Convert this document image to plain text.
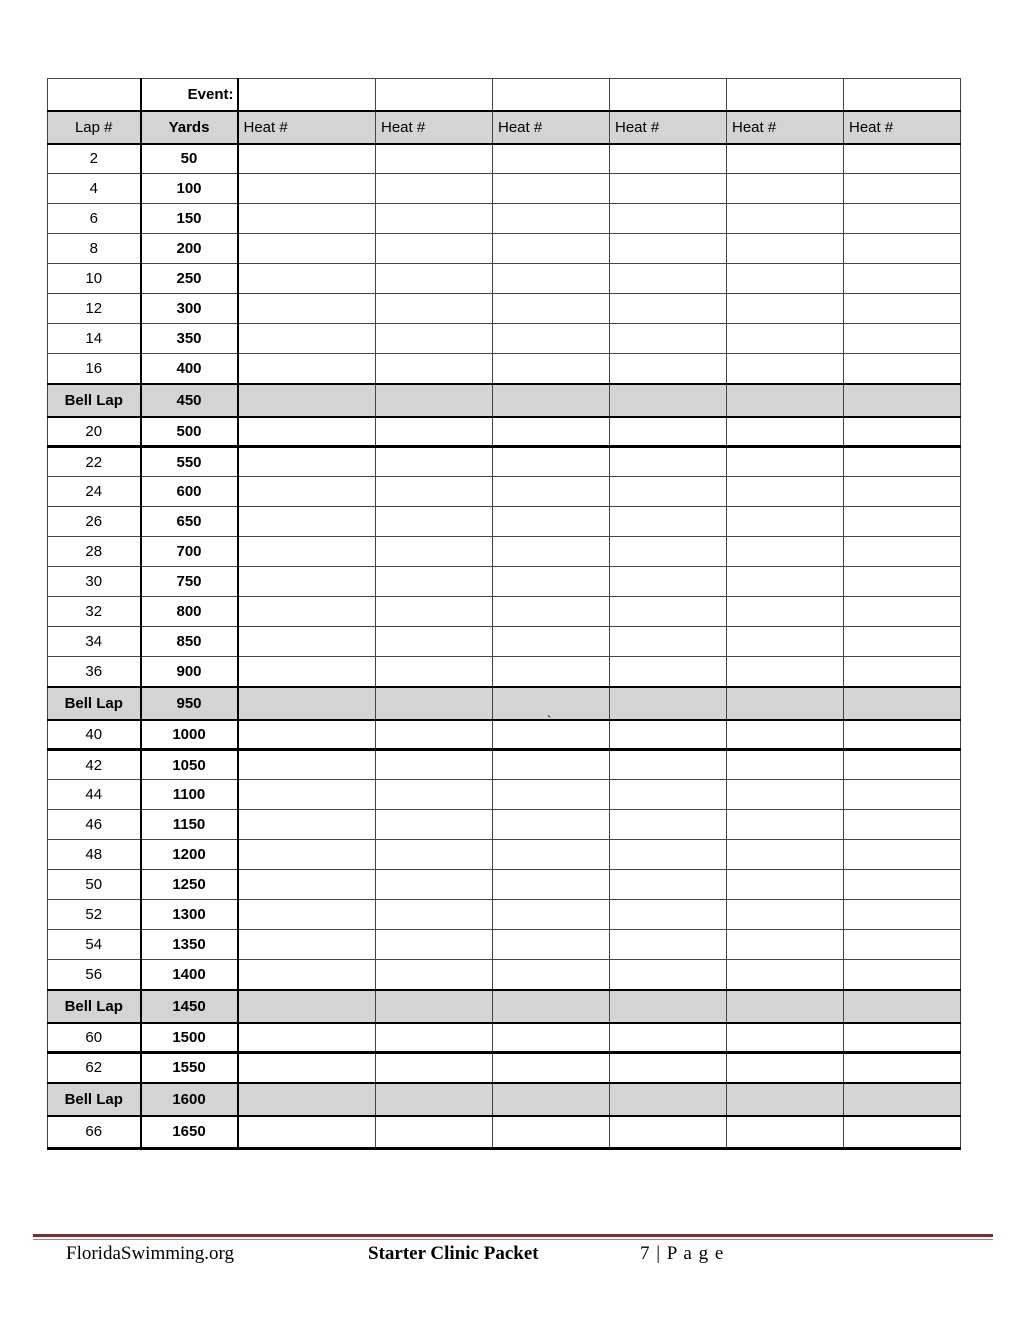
	Event:						
Lap #	Yards	Heat #	Heat #	Heat #	Heat #	Heat #	Heat #
2	50						
4	100						
6	150						
8	200						
10	250						
12	300						
14	350						
16	400						
Bell Lap	450						
20	500						
22	550						
24	600						
26	650						
28	700						
30	750						
32	800						
34	850						
36	900						
Bell Lap	950						
40	1000						
42	1050						
44	1100						
46	1150						
48	1200						
50	1250						
52	1300						
54	1350						
56	1400						
Bell Lap	1450						
60	1500						
62	1550						
Bell Lap	1600						
66	1650						
`
FloridaSwimming.org	Starter Clinic Packet	7 | P a g e
